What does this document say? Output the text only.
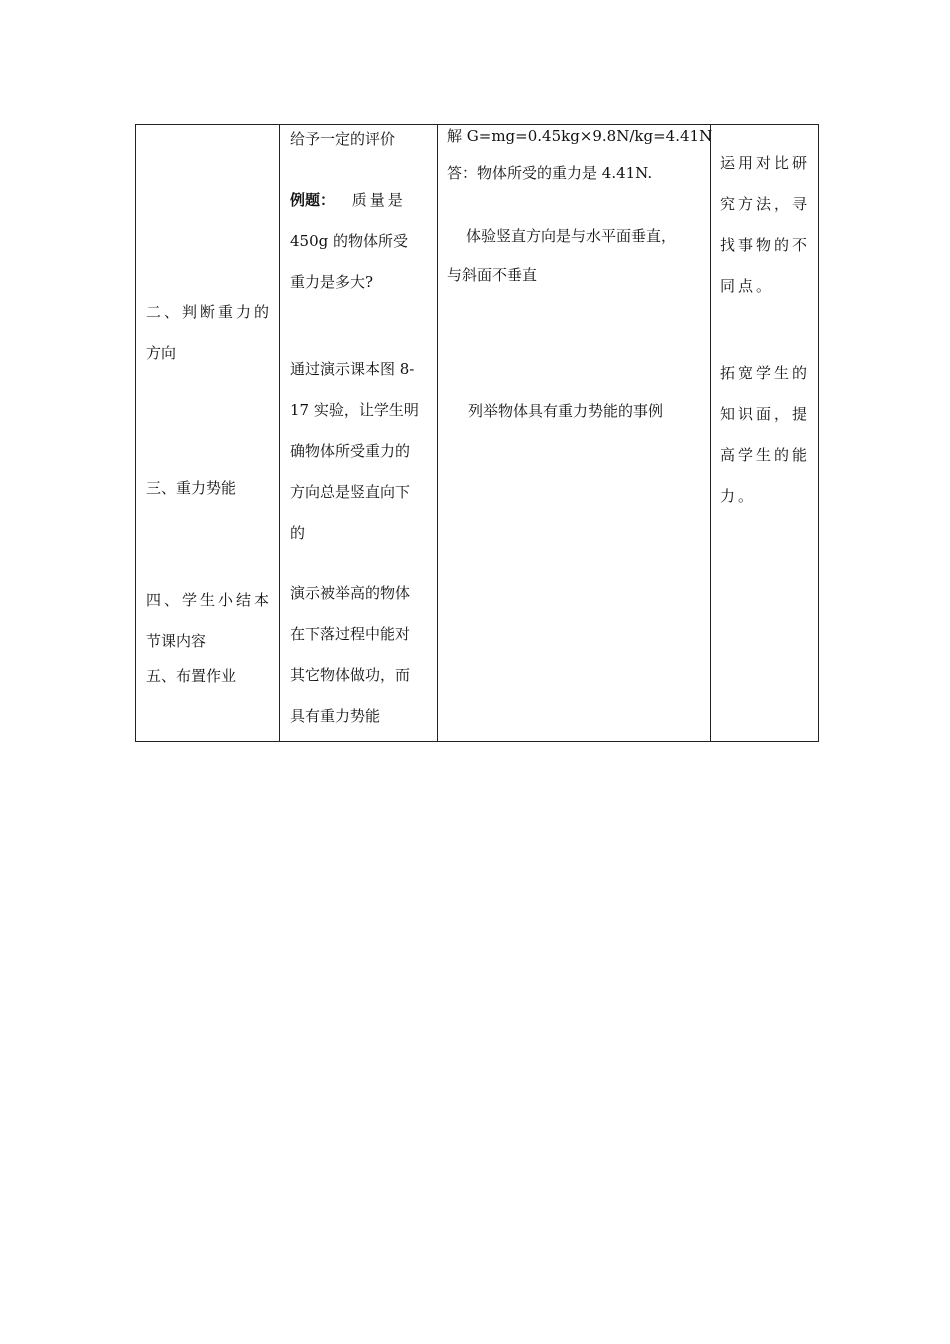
二、判断重力的
方向
三、重力势能
四、学生小结本
节课内容
五、布置作业
给予一定的评价
例题： 质量是
450g 的物体所受
重力是多大?
通过演示课本图 8-
17 实验，让学生明
确物体所受重力的
方向总是竖直向下
的
演示被举高的物体
在下落过程中能对
其它物体做功，而
具有重力势能
解 G=mg=0.45kg×9.8N/kg=4.41N
答：物体所受的重力是 4.41N.
体验竖直方向是与水平面垂直，
与斜面不垂直
列举物体具有重力势能的事例
运用对比研
究方法，寻
找事物的不
同点。
拓宽学生的
知识面，提
高学生的能
力。
